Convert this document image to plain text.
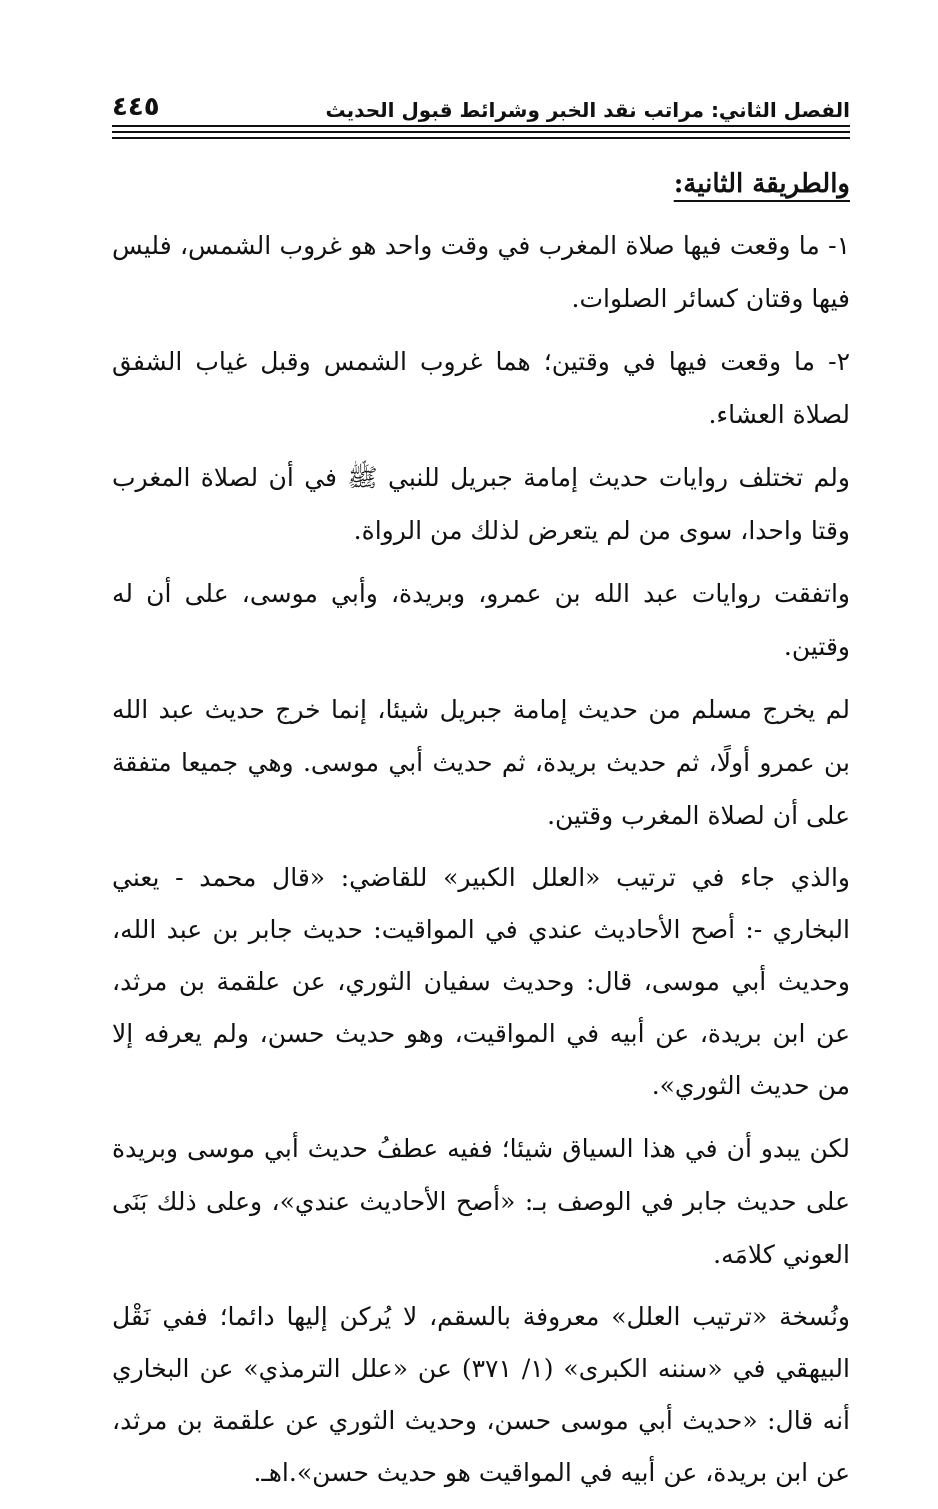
الفصل الثاني: مراتب نقد الخبر وشرائط قبول الحديث
٤٤٥
والطريقة الثانية:

١- ما وقعت فيها صلاة المغرب في وقت واحد هو غروب الشمس، فليس فيها وقتان كسائر الصلوات.

٢- ما وقعت فيها في وقتين؛ هما غروب الشمس وقبل غياب الشفق لصلاة العشاء.

ولم تختلف روايات حديث إمامة جبريل للنبي ﷺ في أن لصلاة المغرب وقتا واحدا، سوى من لم يتعرض لذلك من الرواة.

واتفقت روايات عبد الله بن عمرو، وبريدة، وأبي موسى، على أن له وقتين.

لم يخرج مسلم من حديث إمامة جبريل شيئا، إنما خرج حديث عبد الله بن عمرو أولًا، ثم حديث بريدة، ثم حديث أبي موسى. وهي جميعا متفقة على أن لصلاة المغرب وقتين.

والذي جاء في ترتيب «العلل الكبير» للقاضي: «قال محمد - يعني البخاري -: أصح الأحاديث عندي في المواقيت: حديث جابر بن عبد الله، وحديث أبي موسى، قال: وحديث سفيان الثوري، عن علقمة بن مرثد، عن ابن بريدة، عن أبيه في المواقيت، وهو حديث حسن، ولم يعرفه إلا من حديث الثوري».

لكن يبدو أن في هذا السياق شيئا؛ ففيه عطفُ حديث أبي موسى وبريدة على حديث جابر في الوصف بـ: «أصح الأحاديث عندي»، وعلى ذلك بَنَى العوني كلامَه.

ونُسخة «ترتيب العلل» معروفة بالسقم، لا يُركن إليها دائما؛ ففي نَقْل البيهقي في «سننه الكبرى» (١/ ٣٧١) عن «علل الترمذي» عن البخاري أنه قال: «حديث أبي موسى حسن، وحديث الثوري عن علقمة بن مرثد، عن ابن بريدة، عن أبيه في المواقيت هو حديث حسن».اهـ.
